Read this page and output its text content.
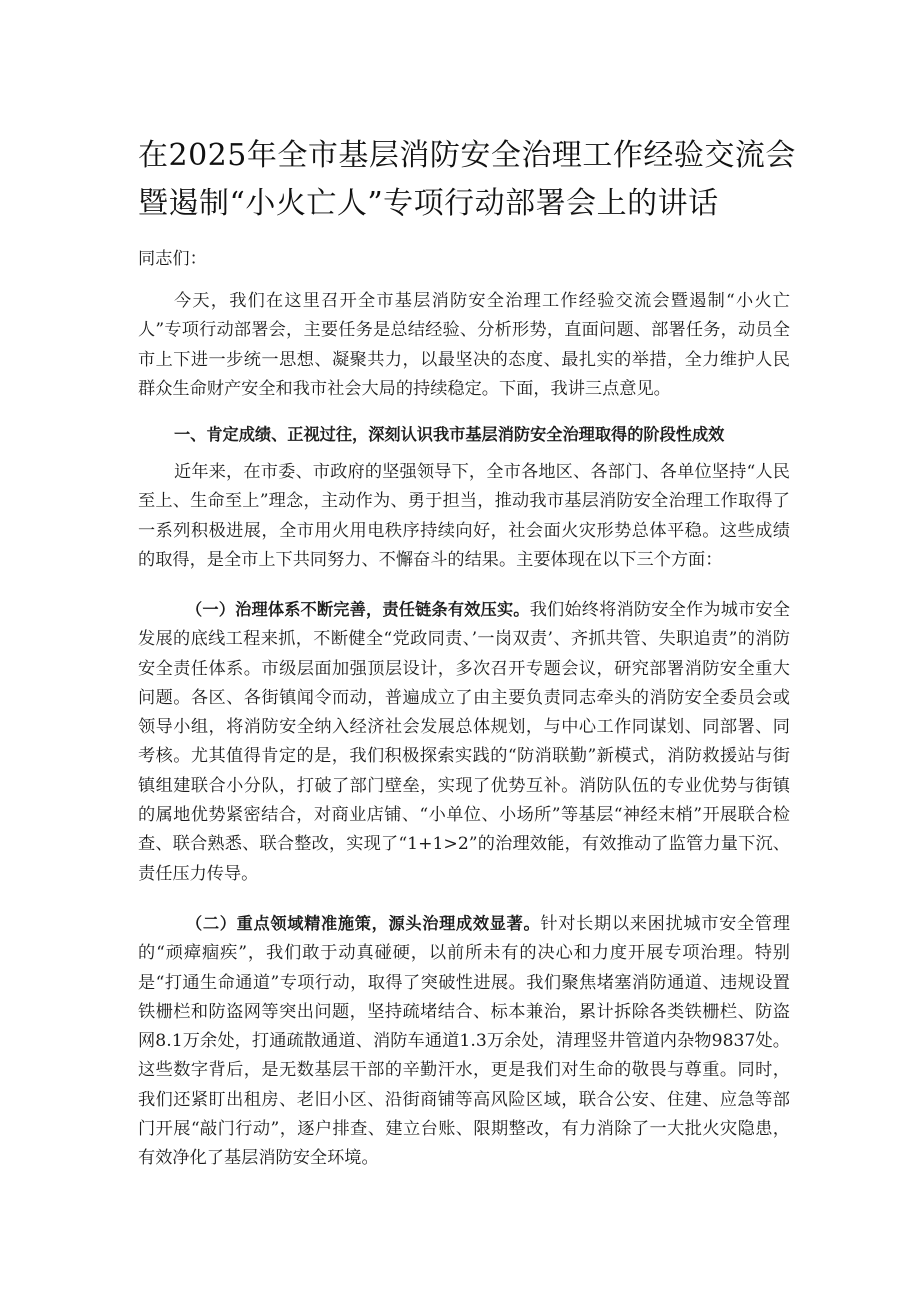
在2025年全市基层消防安全治理工作经验交流会暨遏制“小火亡人”专项行动部署会上的讲话

同志们：

今天，我们在这里召开全市基层消防安全治理工作经验交流会暨遏制“小火亡人”专项行动部署会，主要任务是总结经验、分析形势，直面问题、部署任务，动员全市上下进一步统一思想、凝聚共力，以最坚决的态度、最扎实的举措，全力维护人民群众生命财产安全和我市社会大局的持续稳定。下面，我讲三点意见。

一、肯定成绩、正视过往，深刻认识我市基层消防安全治理取得的阶段性成效

近年来，在市委、市政府的坚强领导下，全市各地区、各部门、各单位坚持“人民至上、生命至上”理念，主动作为、勇于担当，推动我市基层消防安全治理工作取得了一系列积极进展，全市用火用电秩序持续向好，社会面火灾形势总体平稳。这些成绩的取得，是全市上下共同努力、不懈奋斗的结果。主要体现在以下三个方面：

（一）治理体系不断完善，责任链条有效压实。我们始终将消防安全作为城市安全发展的底线工程来抓，不断健全“党政同责、’一岗双责’、齐抓共管、失职追责”的消防安全责任体系。市级层面加强顶层设计，多次召开专题会议，研究部署消防安全重大问题。各区、各街镇闻令而动，普遍成立了由主要负责同志牵头的消防安全委员会或领导小组，将消防安全纳入经济社会发展总体规划，与中心工作同谋划、同部署、同考核。尤其值得肯定的是，我们积极探索实践的“防消联勤”新模式，消防救援站与街镇组建联合小分队，打破了部门壁垒，实现了优势互补。消防队伍的专业优势与街镇的属地优势紧密结合，对商业店铺、“小单位、小场所”等基层“神经末梢”开展联合检查、联合熟悉、联合整改，实现了“1+1>2”的治理效能，有效推动了监管力量下沉、责任压力传导。

（二）重点领域精准施策，源头治理成效显著。针对长期以来困扰城市安全管理的“顽瘴痼疾”，我们敢于动真碰硬，以前所未有的决心和力度开展专项治理。特别是“打通生命通道”专项行动，取得了突破性进展。我们聚焦堵塞消防通道、违规设置铁栅栏和防盗网等突出问题，坚持疏堵结合、标本兼治，累计拆除各类铁栅栏、防盗网8.1万余处，打通疏散通道、消防车通道1.3万余处，清理竖井管道内杂物9837处。这些数字背后，是无数基层干部的辛勤汗水，更是我们对生命的敬畏与尊重。同时，我们还紧盯出租房、老旧小区、沿街商铺等高风险区域，联合公安、住建、应急等部门开展“敲门行动”，逐户排查、建立台账、限期整改，有力消除了一大批火灾隐患，有效净化了基层消防安全环境。
